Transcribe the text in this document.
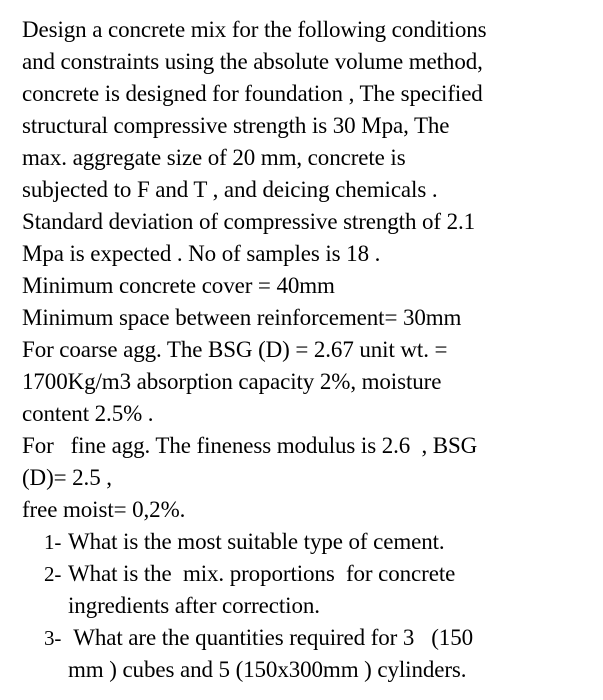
Design a concrete mix for the following conditions
and constraints using the absolute volume method,
concrete is designed for foundation , The specified
structural compressive strength is 30 Mpa, The
max. aggregate size of 20 mm, concrete is
subjected to F and T , and deicing chemicals .
Standard deviation of compressive strength of 2.1
Mpa is expected . No of samples is 18 .
Minimum concrete cover = 40mm
Minimum space between reinforcement= 30mm
For coarse agg. The BSG (D) = 2.67 unit wt. =
1700Kg/m3 absorption capacity 2%, moisture
content 2.5% .
For   fine agg. The fineness modulus is 2.6  , BSG
(D)= 2.5 ,
free moist= 0,2%.
1- What is the most suitable type of cement.
2- What is the  mix. proportions  for concrete
ingredients after correction.
3- What are the quantities required for 3   (150
mm ) cubes and 5 (150x300mm ) cylinders.
